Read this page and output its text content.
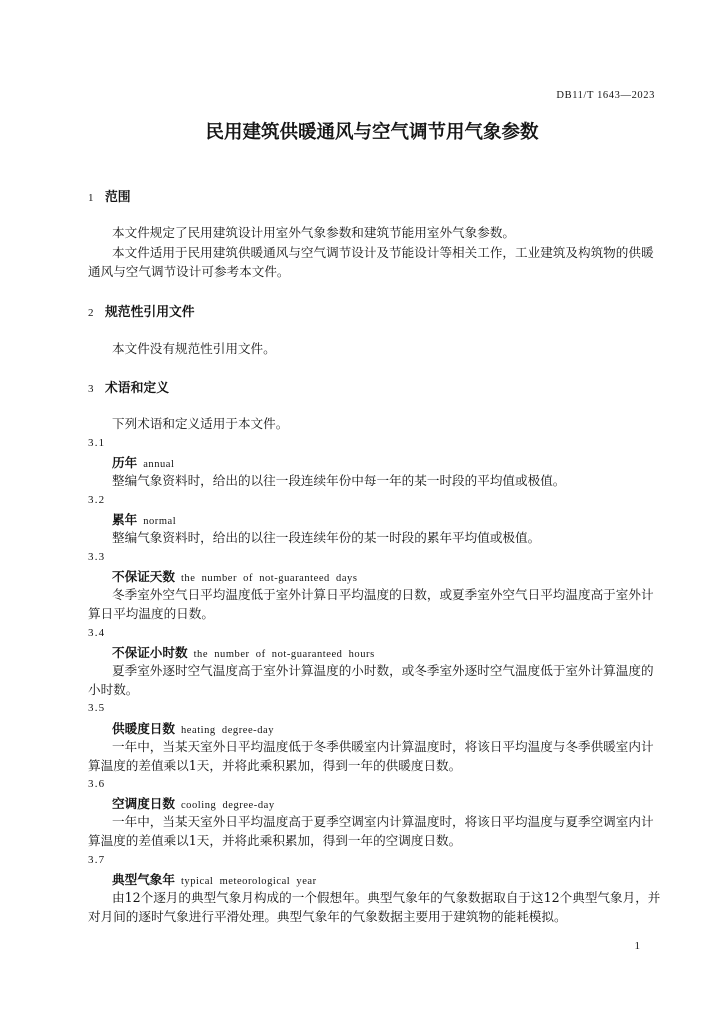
DB11/T 1643—2023
民用建筑供暖通风与空气调节用气象参数
1 范围
本文件规定了民用建筑设计用室外气象参数和建筑节能用室外气象参数。
本文件适用于民用建筑供暖通风与空气调节设计及节能设计等相关工作，工业建筑及构筑物的供暖
通风与空气调节设计可参考本文件。
2 规范性引用文件
本文件没有规范性引用文件。
3 术语和定义
下列术语和定义适用于本文件。
3.1
历年 annual
整编气象资料时，给出的以往一段连续年份中每一年的某一时段的平均值或极值。
3.2
累年 normal
整编气象资料时，给出的以往一段连续年份的某一时段的累年平均值或极值。
3.3
不保证天数 the number of not-guaranteed days
冬季室外空气日平均温度低于室外计算日平均温度的日数，或夏季室外空气日平均温度高于室外计
算日平均温度的日数。
3.4
不保证小时数 the number of not-guaranteed hours
夏季室外逐时空气温度高于室外计算温度的小时数，或冬季室外逐时空气温度低于室外计算温度的
小时数。
3.5
供暖度日数 heating degree-day
一年中，当某天室外日平均温度低于冬季供暖室内计算温度时，将该日平均温度与冬季供暖室内计
算温度的差值乘以1天，并将此乘积累加，得到一年的供暖度日数。
3.6
空调度日数 cooling degree-day
一年中，当某天室外日平均温度高于夏季空调室内计算温度时，将该日平均温度与夏季空调室内计
算温度的差值乘以1天，并将此乘积累加，得到一年的空调度日数。
3.7
典型气象年 typical meteorological year
由12个逐月的典型气象月构成的一个假想年。典型气象年的气象数据取自于这12个典型气象月，并
对月间的逐时气象进行平滑处理。典型气象年的气象数据主要用于建筑物的能耗模拟。
1
